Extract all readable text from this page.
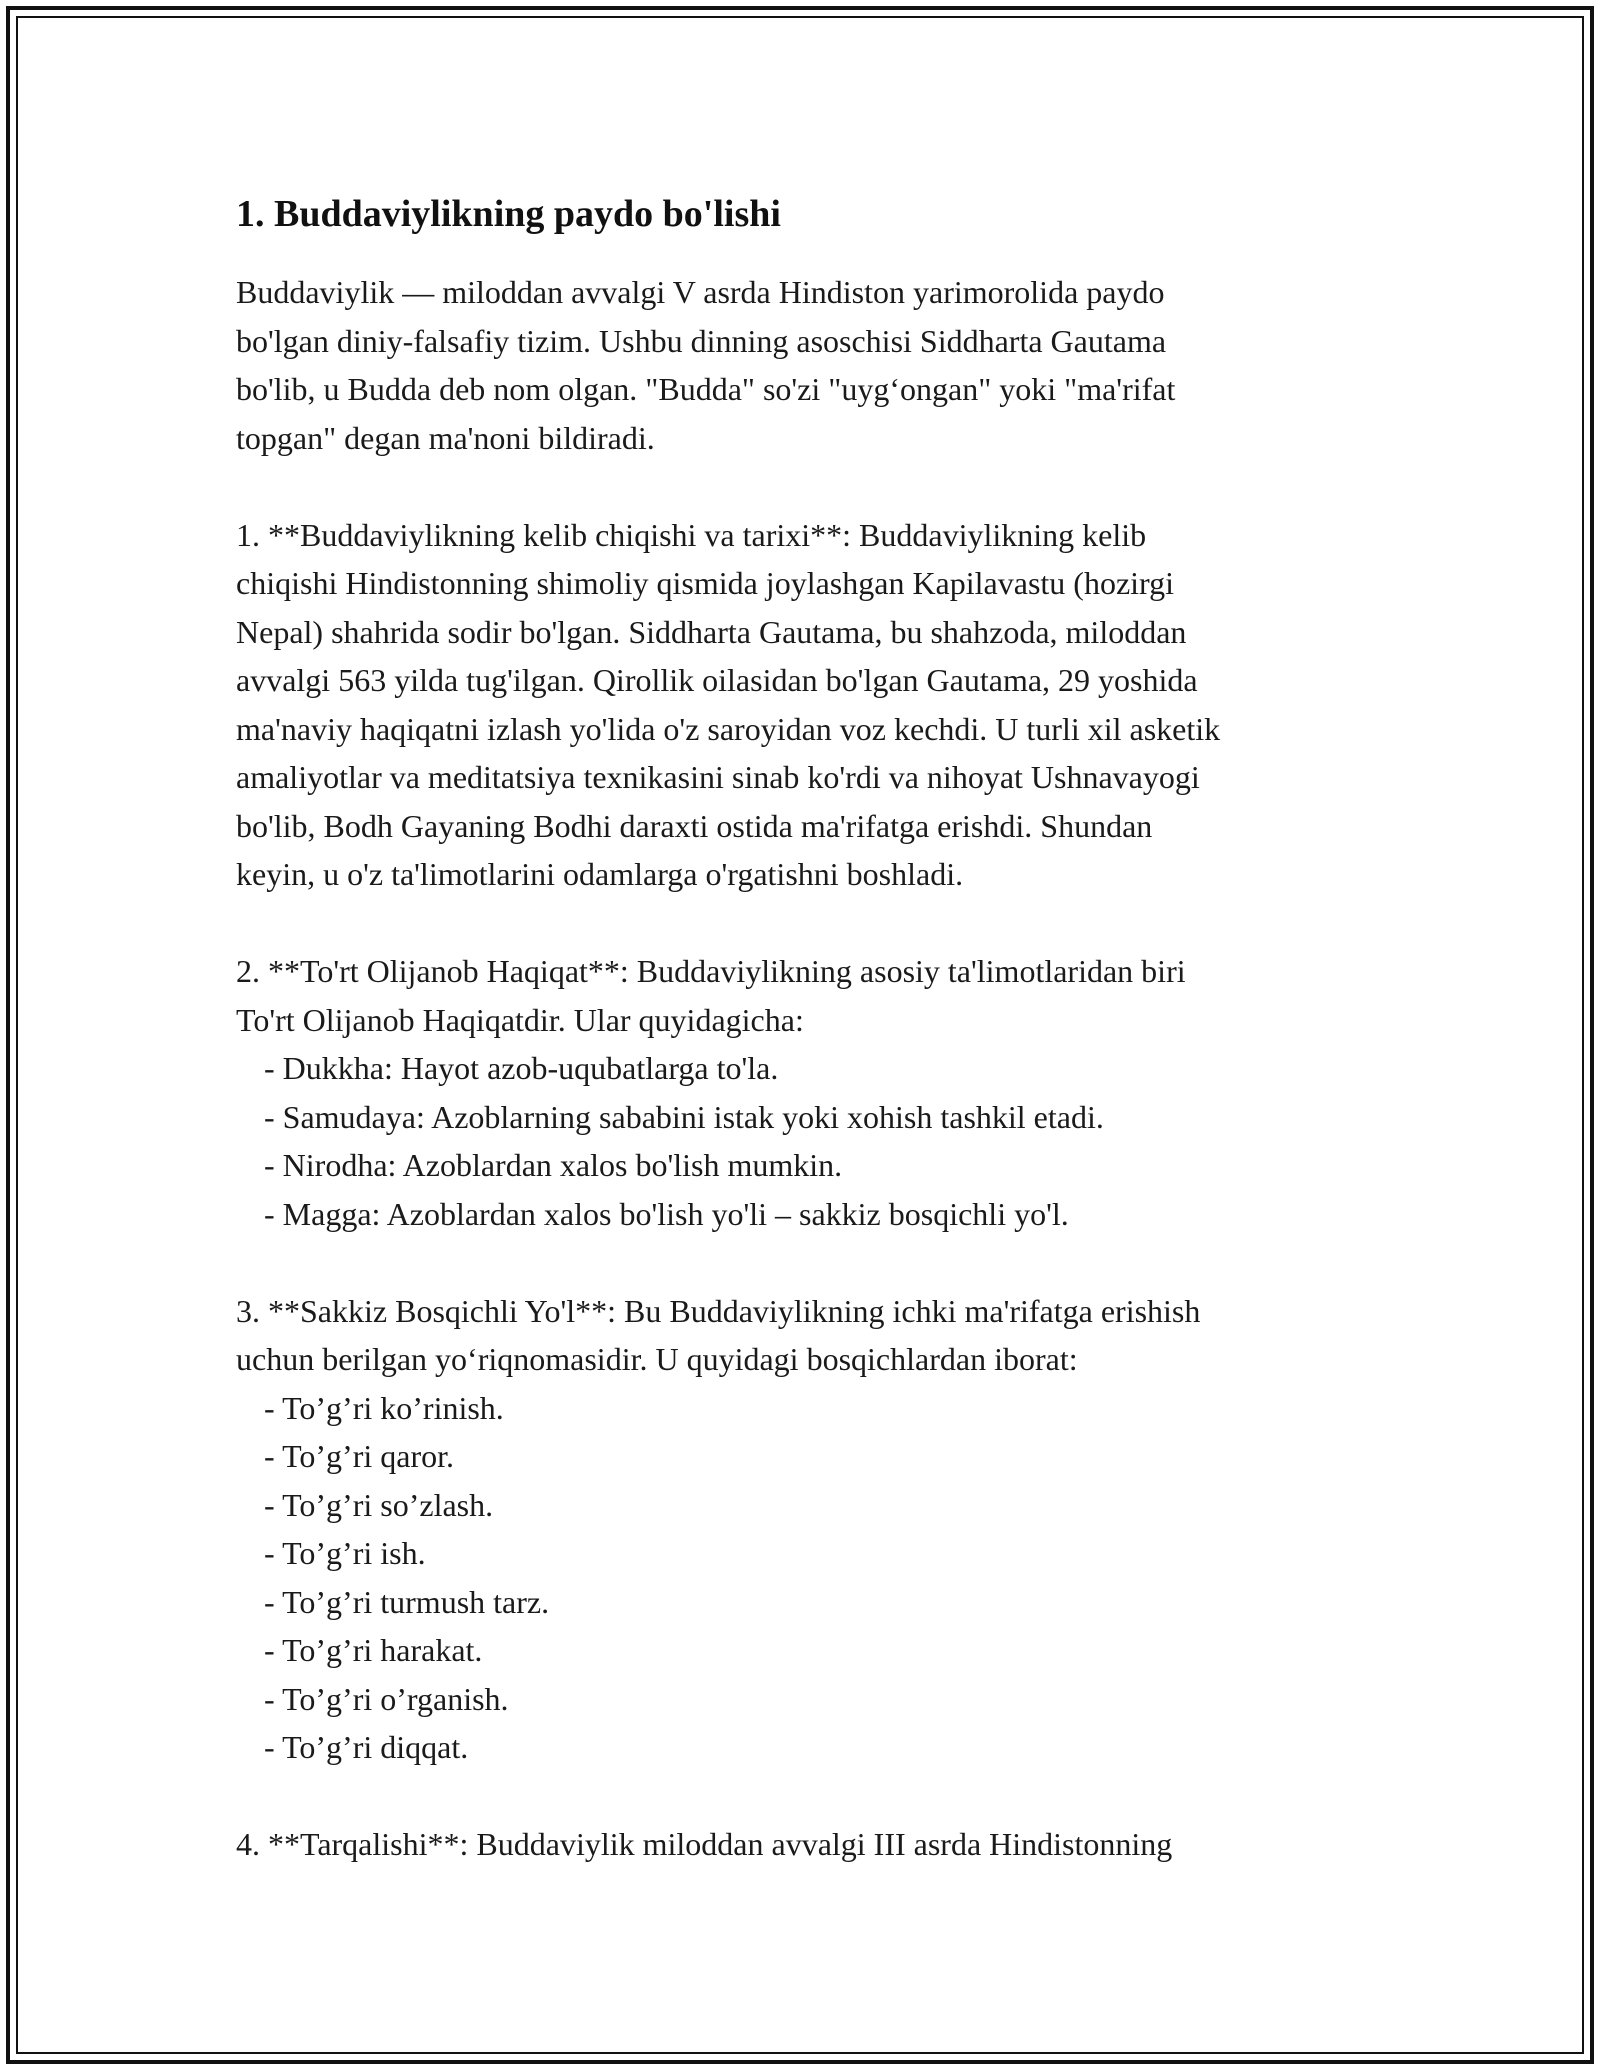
1. Buddaviylikning paydo bo'lishi
Buddaviylik — miloddan avvalgi V asrda Hindiston yarimorolida paydo
bo'lgan diniy-falsafiy tizim. Ushbu dinning asoschisi Siddharta Gautama
bo'lib, u Budda deb nom olgan. "Budda" so'zi "uyg‘ongan" yoki "ma'rifat
topgan" degan ma'noni bildiradi.
1. **Buddaviylikning kelib chiqishi va tarixi**: Buddaviylikning kelib
chiqishi Hindistonning shimoliy qismida joylashgan Kapilavastu (hozirgi
Nepal) shahrida sodir bo'lgan. Siddharta Gautama, bu shahzoda, miloddan
avvalgi 563 yilda tug'ilgan. Qirollik oilasidan bo'lgan Gautama, 29 yoshida
ma'naviy haqiqatni izlash yo'lida o'z saroyidan voz kechdi. U turli xil asketik
amaliyotlar va meditatsiya texnikasini sinab ko'rdi va nihoyat Ushnavayogi
bo'lib, Bodh Gayaning Bodhi daraxti ostida ma'rifatga erishdi. Shundan
keyin, u o'z ta'limotlarini odamlarga o'rgatishni boshladi.
2. **To'rt Olijanob Haqiqat**: Buddaviylikning asosiy ta'limotlaridan biri
To'rt Olijanob Haqiqatdir. Ular quyidagicha:
- Dukkha: Hayot azob-uqubatlarga to'la.
- Samudaya: Azoblarning sababini istak yoki xohish tashkil etadi.
- Nirodha: Azoblardan xalos bo'lish mumkin.
- Magga: Azoblardan xalos bo'lish yo'li – sakkiz bosqichli yo'l.
3. **Sakkiz Bosqichli Yo'l**: Bu Buddaviylikning ichki ma'rifatga erishish
uchun berilgan yo‘riqnomasidir. U quyidagi bosqichlardan iborat:
- To’g’ri ko’rinish.
- To’g’ri qaror.
- To’g’ri so’zlash.
- To’g’ri ish.
- To’g’ri turmush tarz.
- To’g’ri harakat.
- To’g’ri o’rganish.
- To’g’ri diqqat.
4. **Tarqalishi**: Buddaviylik miloddan avvalgi III asrda Hindistonning
